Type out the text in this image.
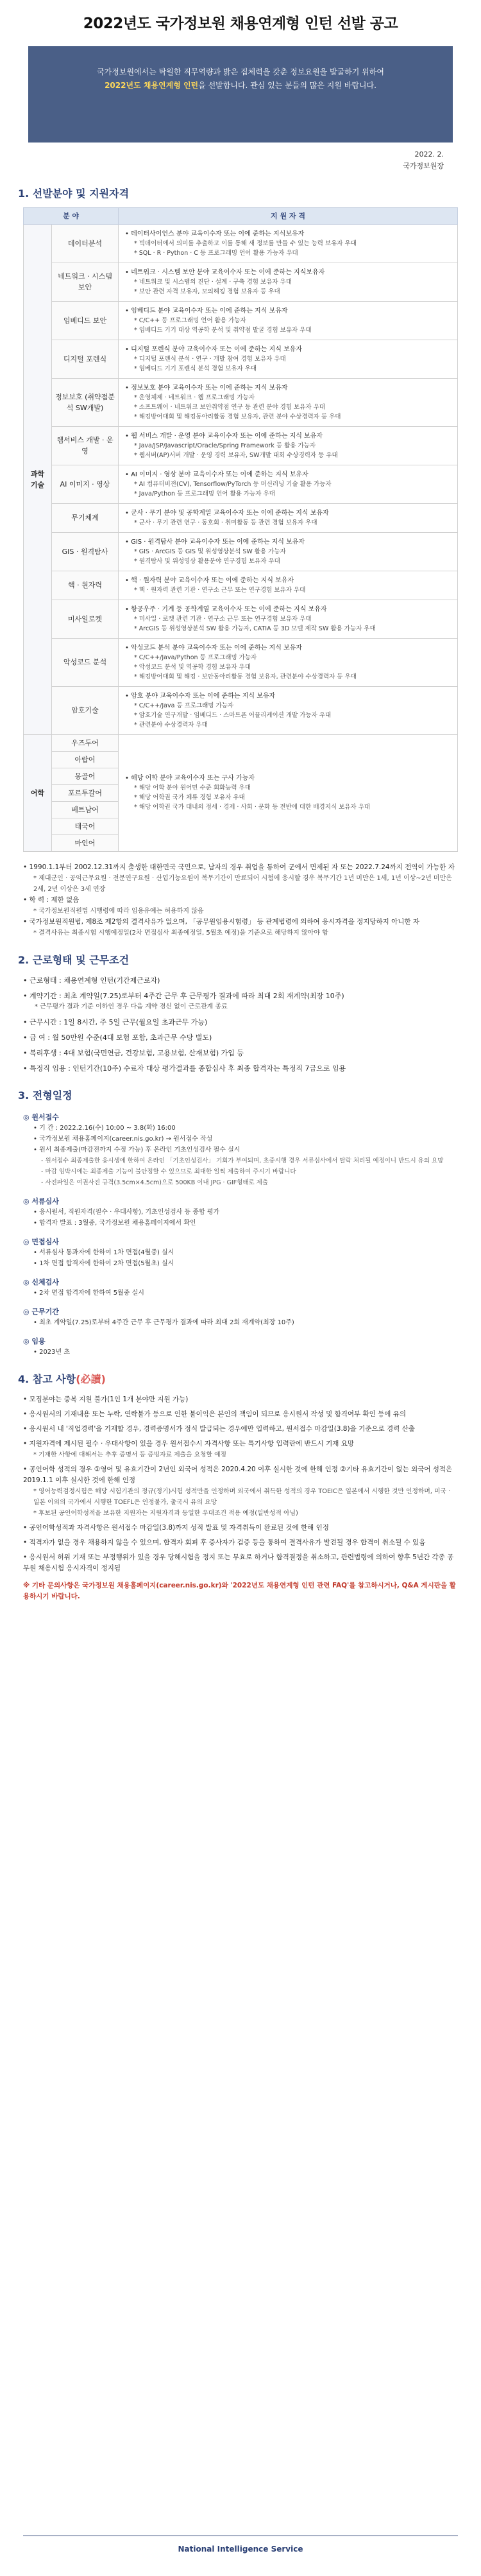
2022년도 국가정보원 채용연계형 인턴 선발 공고
국가정보원에서는 탁월한 직무역량과 밝은 집체력을 갖춘 정보요원을 발굴하기 위하여
2022년도 채용연계형 인턴을 선발합니다. 관심 있는 분들의 많은 지원 바랍니다.
2022. 2.
국가정보원장
1. 선발분야 및 지원자격
분 야		지 원 자 격
과학
기술	데이터분석	• 데이터사이언스 분야 교육이수자 또는 이에 준하는 지식보유자
* 빅데이터에서 의미를 추출하고 이를 통해 새 정보를 만들 수 있는 능력 보유자 우대
* SQL · R · Python · C 등 프로그래밍 언어 활용 가능자 우대

	네트워크 · 시스템 보안	• 네트워크 · 시스템 보안 분야 교육이수자 또는 이에 준하는 지식보유자
* 네트워크 및 시스템의 진단 · 설계 · 구축 경험 보유자 우대
* 보안 관련 자격 보유자, 모의해킹 경험 보유자 등 우대

	임베디드 보안	• 임베디드 분야 교육이수자 또는 이에 준하는 지식 보유자
* C/C++ 등 프로그래밍 언어 활용 가능자
* 임베디드 기기 대상 역공학 분석 및 취약점 발굴 경험 보유자 우대

	디지털 포렌식	• 디지털 포렌식 분야 교육이수자 또는 이에 준하는 지식 보유자
* 디지털 포렌식 분석 · 연구 · 개발 참여 경험 보유자 우대
* 임베디드 기기 포렌식 분석 경험 보유자 우대

	정보보호 (취약점분석 SW개발)	• 정보보호 분야 교육이수자 또는 이에 준하는 지식 보유자
* 운영체제 · 네트워크 · 웹 프로그래밍 가능자
* 소프트웨어 · 네트워크 보안취약점 연구 등 관련 분야 경험 보유자 우대
* 해킹방어대회 및 해킹동아리활동 경험 보유자, 관련 분야 수상경력자 등 우대

	웹서비스 개발 · 운영	• 웹 서비스 개발 · 운영 분야 교육이수자 또는 이에 준하는 지식 보유자
* Java/JSP/Javascript/Oracle/Spring Framework 등 활용 가능자
* 웹서버(AP)서버 개발 · 운영 경력 보유자, SW개발 대회 수상경력자 등 우대

	AI 이미지 · 영상	• AI 이미지 · 영상 분야 교육이수자 또는 이에 준하는 지식 보유자
* AI 컴퓨터비전(CV), Tensorflow/PyTorch 등 머신러닝 기술 활용 가능자
* Java/Python 등 프로그래밍 언어 활용 가능자 우대

	무기체계	• 군사 · 무기 분야 및 공학계열 교육이수자 또는 이에 준하는 지식 보유자
* 군사 · 무기 관련 연구 · 동호회 · 취미활동 등 관련 경험 보유자 우대

	GIS · 원격탐사	• GIS · 원격탐사 분야 교육이수자 또는 이에 준하는 지식 보유자
* GIS · ArcGIS 등 GIS 및 위성영상분석 SW 활용 가능자
* 원격탐사 및 위성영상 활용분야 연구경험 보유자 우대

	핵 · 원자력	• 핵 · 원자력 분야 교육이수자 또는 이에 준하는 지식 보유자
* 핵 · 원자력 관련 기관 · 연구소 근무 또는 연구경험 보유자 우대

	미사일로켓	• 항공우주 · 기계 등 공학계열 교육이수자 또는 이에 준하는 지식 보유자
* 미사일 · 로켓 관련 기관 · 연구소 근무 또는 연구경험 보유자 우대
* ArcGIS 등 위성영상분석 SW 활용 가능자, CATIA 등 3D 모델 제작 SW 활용 가능자 우대

	악성코드 분석	• 악성코드 분석 분야 교육이수자 또는 이에 준하는 지식 보유자
* C/C++/Java/Python 등 프로그래밍 가능자
* 악성코드 분석 및 역공학 경험 보유자 우대
* 해킹방어대회 및 해킹 · 보안동아리활동 경험 보유자, 관련분야 수상경력자 등 우대

	암호기술	• 암호 분야 교육이수자 또는 이에 준하는 지식 보유자
* C/C++/Java 등 프로그래밍 가능자
* 암호기술 연구개발 · 임베디드 · 스마트폰 어플리케이션 개발 가능자 우대
* 관련분야 수상경력자 우대

어학	우즈두어	• 해당 어학 분야 교육이수자 또는 구사 가능자
* 해당 어학 분야 원어민 수준 회화능력 우대
* 해당 어학권 국가 체류 경험 보유자 우대
* 해당 어학권 국가 대내외 정세 · 경제 · 사회 · 문화 등 전반에 대한 배경지식 보유자 우대

	아랍어	
	몽골어	
	포르투갈어	
	베트남어	
	태국어	
	마인어	
• 1990.1.1부터 2002.12.31까지 출생한 대한민국 국민으로, 남자의 경우 취업을 통하여 군에서 면제된 자 또는 2022.7.24까지 전역이 가능한 자
* 제대군인 · 공익근무요원 · 전문연구요원 · 산업기능요원이 복무기간이 만료되어 시험에 응시할 경우 복무기간 1년 미만은 1세, 1년 이상~2년 미만은 2세, 2년 이상은 3세 연장
• 학 력 : 제한 없음
* 국가정보원직원법 시행령에 따라 임용유예는 허용하지 않음
• 국가정보원직원법, 제8조 제2항의 결격사유가 없으며, 「공무원임용시험령」 등 관계법령에 의하여 응시자격을 정지당하지 아니한 자
* 결격사유는 최종시험 시행예정일(2차 면접심사 최종예정일, 5월초 예정)을 기준으로 해당하지 않아야 함
2. 근로형태 및 근무조건
• 근로형태 : 채용연계형 인턴(기간제근로자)
• 계약기간 : 최초 계약일(7.25)로부터 4주간 근무 후 근무평가 결과에 따라 최대 2회 재계약(최장 10주)
* 근무평가 결과 기준 이하인 경우 다음 계약 경신 없이 근로관계 종료
• 근무시간 : 1일 8시간, 주 5일 근무(월요일 초과근무 가능)
• 급 여 : 월 50만원 수준(4대 보험 포함, 초과근무 수당 별도)
• 복리후생 : 4대 보험(국민연금, 건강보험, 고용보험, 산재보험) 가입 등
• 특정직 임용 : 인턴기간(10주) 수료자 대상 평가결과를 종합심사 후 최종 합격자는 특정직 7급으로 임용
3. 전형일정
◎ 원서접수
• 기 간 : 2022.2.16(수) 10:00 ~ 3.8(화) 16:00
• 국가정보원 채용홈페이지(career.nis.go.kr) → 원서접수 작성
• 원서 최종제출(마감전까지 수정 가능) 후 온라인 기초인성검사 필수 실시
- 원서접수 최종제출한 응시생에 한하여 온라인 「기초인성검사」 기회가 부여되며, 초중시행 경우 서류심사에서 탈락 처리될 예정이니 반드시 유의 요망
- 마감 임박시에는 최종제출 기능이 불안정할 수 있으므로 최대한 일찍 제출하여 주시기 바랍니다
- 사진파일은 여권사진 규격(3.5cm×4.5cm)으로 500KB 이내 JPG · GIF형태로 제출
◎ 서류심사
• 응시원서, 직원자격(필수 · 우대사항), 기초인성검사 등 종합 평가
• 합격자 발표 : 3월중, 국가정보원 채용홈페이지에서 확인
◎ 면접심사
• 서류심사 통과자에 한하여 1차 면접(4월중) 실시
• 1차 면접 합격자에 한하여 2차 면접(5월초) 실시
◎ 신체검사
• 2차 면접 합격자에 한하여 5월중 실시
◎ 근무기간
• 최초 계약일(7.25)로부터 4주간 근무 후 근무평가 결과에 따라 최대 2회 재계약(최장 10주)
◎ 임용
• 2023년 초
4. 참고 사항(必讀)
• 모집분야는 중복 지원 불가(1인 1개 분야만 지원 가능)
• 응시원서의 기재내용 또는 누락, 연락불가 등으로 인한 불이익은 본인의 책임이 되므로 응시원서 작성 및 합격여부 확인 등에 유의
• 응시원서 내 '직업경력'을 기재할 경우, 경력증명서가 정식 발급되는 경우에만 입력하고, 원서접수 마감일(3.8)을 기준으로 경력 산출
• 지원자격에 제시된 필수 · 우대사항이 있을 경우 원서접수시 자격사항 또는 특기사항 입력란에 반드시 기재 요망
* 기재한 사항에 대해서는 추후 증명서 등 증빙자료 제출을 요청할 예정
• 공인어학 성적의 경우 ①영어 및 유효기간이 2년인 외국어 성적은 2020.4.20 이후 실시한 것에 한해 인정 ②기타 유효기간이 없는 외국어 성적은 2019.1.1 이후 실시한 것에 한해 인정
* 영어능력검정시험은 해당 시험기관의 정규(정기)시험 성적만을 인정하며 외국에서 취득한 성적의 경우 TOEIC은 일본에서 시행한 것만 인정하며, 미국 · 일본 이외의 국가에서 시행한 TOEFL은 인정불가, 출국시 유의 요망
* 후보된 공인어학성적을 보유한 지원자는 지원자격과 동일한 우대조건 적용 예정(일반성적 아님)
• 공인어학성적과 자격사항은 원서접수 마감일(3.8)까지 성적 발표 및 자격취득이 완료된 것에 한해 인정
• 적격자가 없을 경우 채용하지 않을 수 있으며, 합격자 회피 후 증사자가 검증 등을 통하여 결격사유가 발견될 경우 합격이 취소될 수 있음
• 응시원서 허위 기재 또는 부정행위가 있을 경우 당해시험을 정지 또는 무효로 하거나 합격결정을 취소하고, 관련법령에 의하여 향후 5년간 각종 공무원 채용시험 응시자격이 정지됨
※ 기타 문의사항은 국가정보원 채용홈페이지(career.nis.go.kr)와 '2022년도 채용연계형 인턴 관련 FAQ'를 참고하시거나, Q&A 게시판을 활용하시기 바랍니다.
National Intelligence Service
